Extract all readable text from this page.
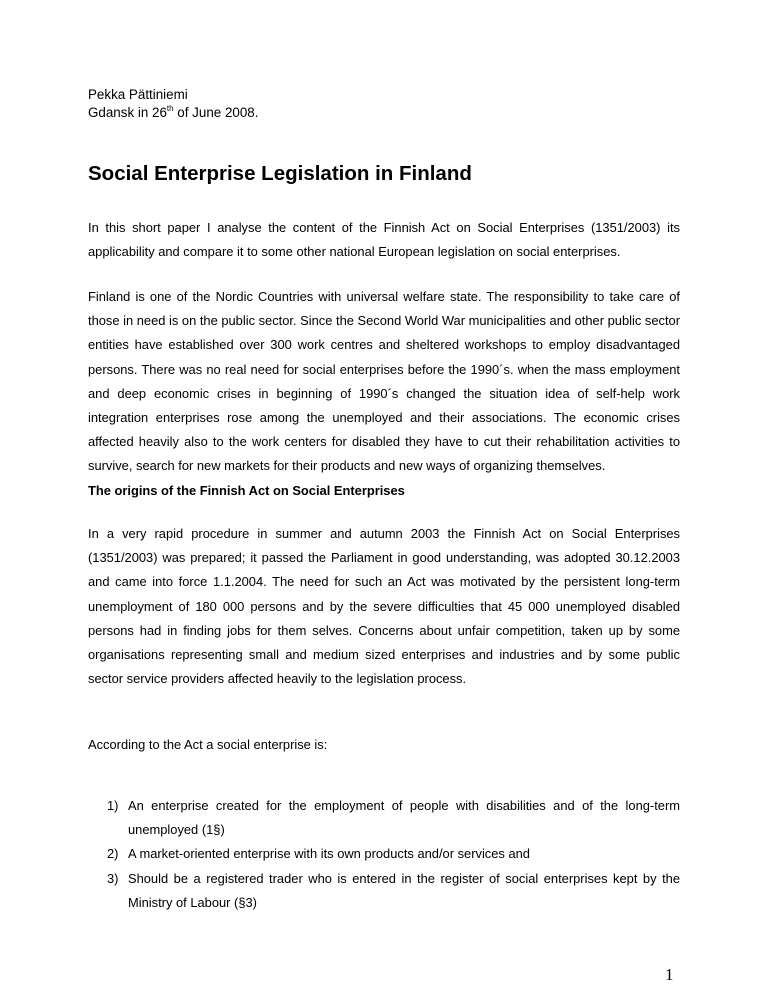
Pekka Pättiniemi
Gdansk in 26th of June 2008.
Social Enterprise Legislation in Finland

In this short paper I analyse the content of the Finnish Act on Social Enterprises (1351/2003) its applicability and compare it to some other national European legislation on social enterprises.

Finland is one of the Nordic Countries with universal welfare state. The responsibility to take care of those in need is on the public sector. Since the Second World War municipalities and other public sector entities have established over 300 work centres and sheltered workshops to employ disadvantaged persons. There was no real need for social enterprises before the 1990´s. when the mass employment and deep economic crises in beginning of 1990´s changed the situation idea of self-help work integration enterprises rose among the unemployed and their associations. The economic crises affected heavily also to the work centers for disabled they have to cut their rehabilitation activities to survive, search for new markets for their products and new ways of organizing themselves.

The origins of the Finnish Act on Social Enterprises

In a very rapid procedure in summer and autumn 2003 the Finnish Act on Social Enterprises (1351/2003) was prepared; it passed the Parliament in good understanding, was adopted 30.12.2003 and came into force 1.1.2004. The need for such an Act was motivated by the persistent long-term unemployment of 180 000 persons and by the severe difficulties that 45 000 unemployed disabled persons had in finding jobs for them selves. Concerns about unfair competition, taken up by some organisations representing small and medium sized enterprises and industries and by some public sector service providers affected heavily to the legislation process.

According to the Act a social enterprise is:

1) An enterprise created for the employment of people with disabilities and of the long-term unemployed (1§)
2) A market-oriented enterprise with its own products and/or services and
3) Should be a registered trader who is entered in the register of social enterprises kept by the Ministry of Labour (§3)
1
